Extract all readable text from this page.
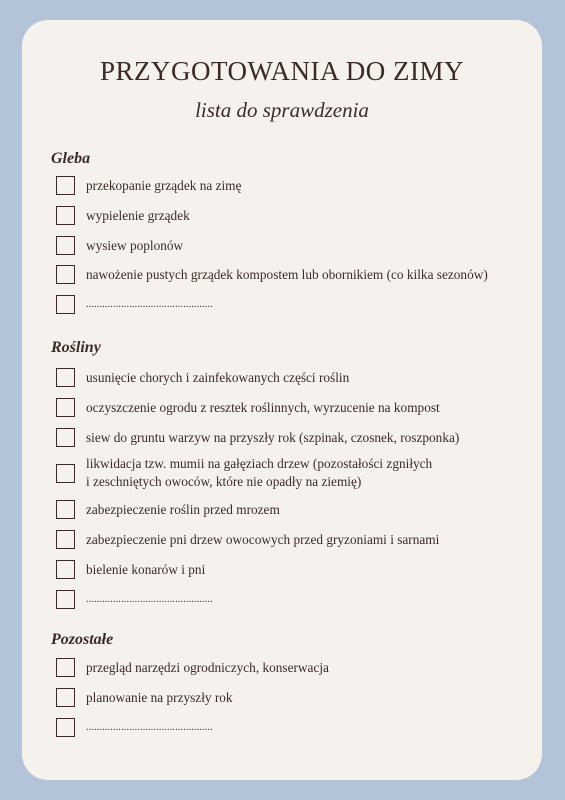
PRZYGOTOWANIA DO ZIMY
lista do sprawdzenia
Gleba
przekopanie grządek na zimę
wypielenie grządek
wysiew poplonów
nawożenie pustych grządek kompostem lub obornikiem (co kilka sezonów)
...............................................
Rośliny
usunięcie chorych i zainfekowanych części roślin
oczyszczenie ogrodu z resztek roślinnych, wyrzucenie na kompost
siew do gruntu warzyw na przyszły rok (szpinak, czosnek, roszponka)
likwidacja tzw. mumii na gałęziach drzew (pozostałości zgniłych
i zeschniętych owoców, które nie opadły na ziemię)
zabezpieczenie roślin przed mrozem
zabezpieczenie pni drzew owocowych przed gryzoniami i sarnami
bielenie konarów i pni
...............................................
Pozostałe
przegląd narzędzi ogrodniczych, konserwacja
planowanie na przyszły rok
...............................................
